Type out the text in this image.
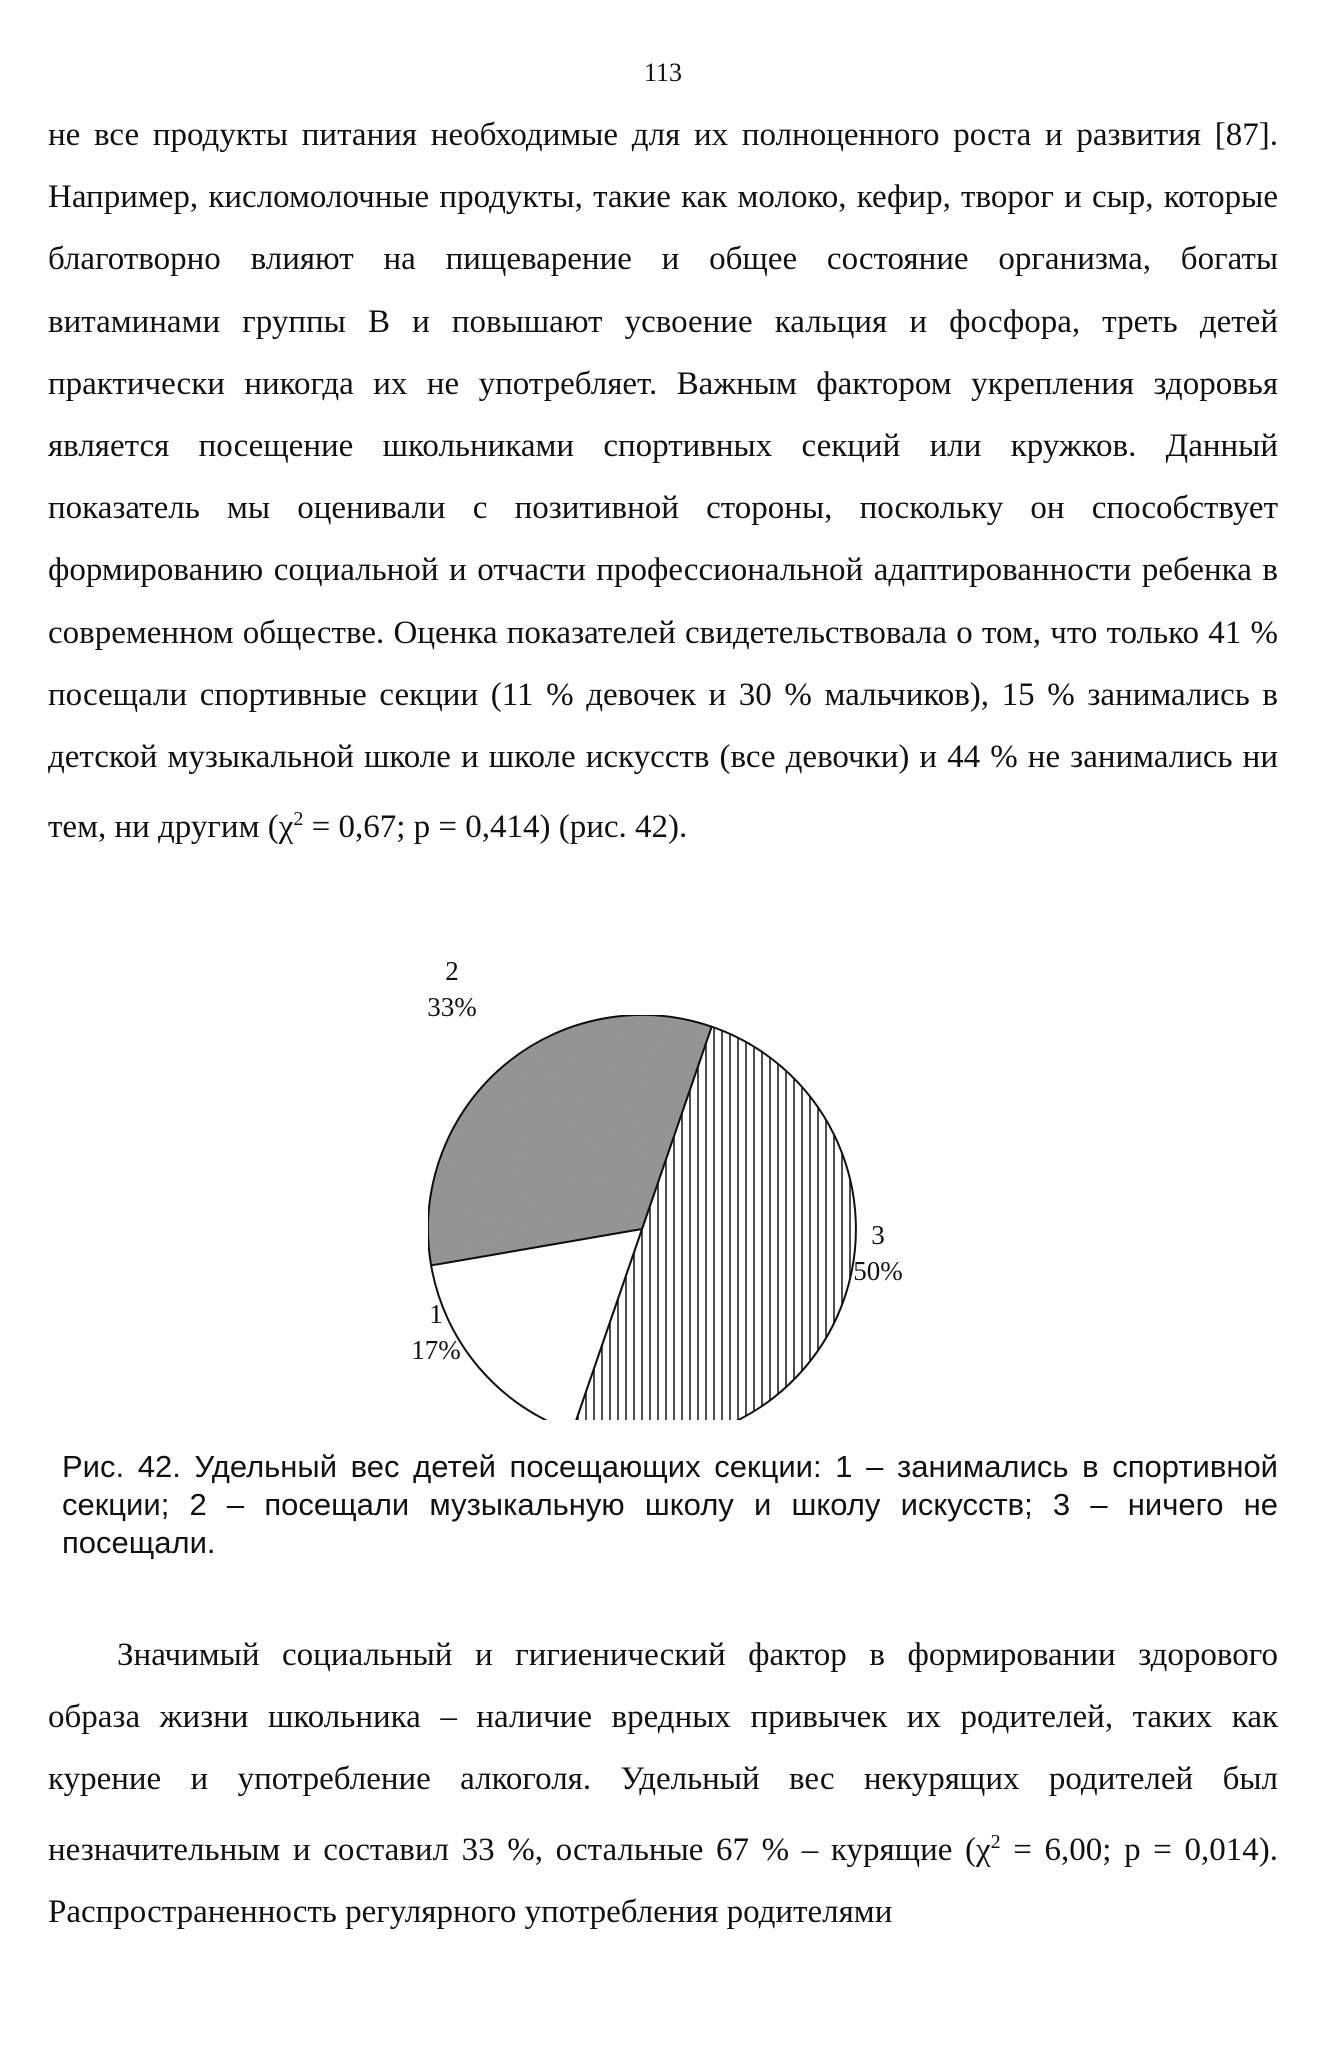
113

не все продукты питания необходимые для их полноценного роста и развития [87]. Например, кисломолочные продукты, такие как молоко, кефир, творог и сыр, которые благотворно влияют на пищеварение и общее состояние организма, богаты витаминами группы В и повышают усвоение кальция и фосфора, треть детей практически никогда их не употребляет. Важным фактором укрепления здоровья является посещение школьниками спортивных секций или кружков. Данный показатель мы оценивали с позитивной стороны, поскольку он способствует формированию социальной и отчасти профессиональной адаптированности ребенка в современном обществе. Оценка показателей свидетельствовала о том, что только 41 % посещали спортивные секции (11 % девочек и 30 % мальчиков), 15 % занимались в детской музыкальной школе и школе искусств (все девочки) и 44 % не занимались ни тем, ни другим ($\chi^2 = 0,67$; р = 0,414) (рис. 42).

3
50%
1
17%
2
33%

Рис. 42. Удельный вес детей посещающих секции: 1 – занимались в спортивной секции; 2 – посещали музыкальную школу и школу искусств; 3 – ничего не посещали.

Значимый социальный и гигиенический фактор в формировании здорового образа жизни школьника – наличие вредных привычек их родителей, таких как курение и употребление алкоголя. Удельный вес некурящих родителей был незначительным и составил 33 %, остальные 67 % – курящие ($\chi^2 = 6,00$; р = 0,014). Распространенность регулярного употребления родителями
